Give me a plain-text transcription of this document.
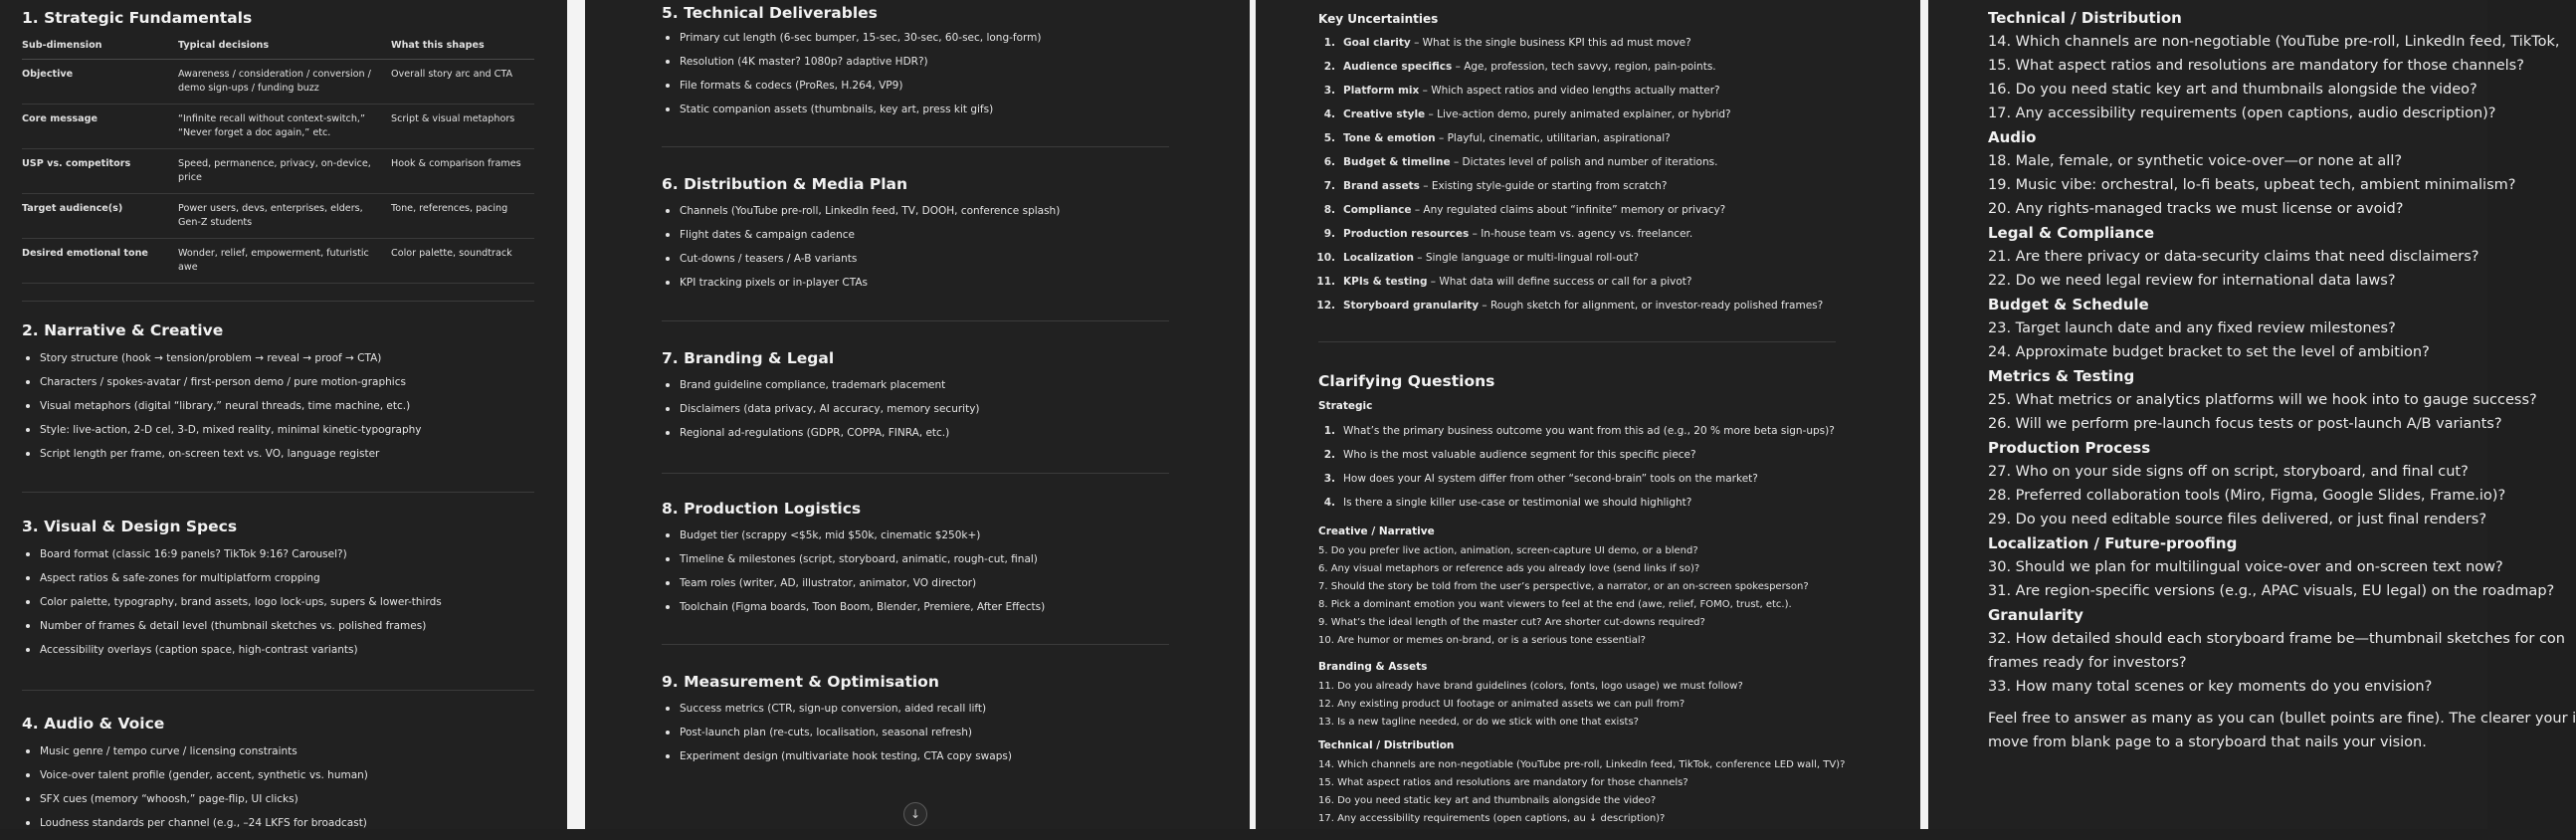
1. Strategic Fundamentals
Sub-dimension	Typical decisions	What this shapes
Objective	Awareness / consideration / conversion / demo sign-ups / funding buzz	Overall story arc and CTA
Core message	“Infinite recall without context-switch,” “Never forget a doc again,” etc.	Script & visual metaphors
USP vs. competitors	Speed, permanence, privacy, on-device, price	Hook & comparison frames
Target audience(s)	Power users, devs, enterprises, elders, Gen-Z students	Tone, references, pacing
Desired emotional tone	Wonder, relief, empowerment, futuristic awe	Color palette, soundtrack
2. Narrative & Creative
Story structure (hook → tension/problem → reveal → proof → CTA)
Characters / spokes-avatar / first-person demo / pure motion-graphics
Visual metaphors (digital “library,” neural threads, time machine, etc.)
Style: live-action, 2-D cel, 3-D, mixed reality, minimal kinetic-typography
Script length per frame, on-screen text vs. VO, language register
3. Visual & Design Specs
Board format (classic 16:9 panels? TikTok 9:16? Carousel?)
Aspect ratios & safe-zones for multiplatform cropping
Color palette, typography, brand assets, logo lock-ups, supers & lower-thirds
Number of frames & detail level (thumbnail sketches vs. polished frames)
Accessibility overlays (caption space, high-contrast variants)
4. Audio & Voice
Music genre / tempo curve / licensing constraints
Voice-over talent profile (gender, accent, synthetic vs. human)
SFX cues (memory “whoosh,” page-flip, UI clicks)
Loudness standards per channel (e.g., –24 LKFS for broadcast)
5. Technical Deliverables
Primary cut length (6-sec bumper, 15-sec, 30-sec, 60-sec, long-form)
Resolution (4K master? 1080p? adaptive HDR?)
File formats & codecs (ProRes, H.264, VP9)
Static companion assets (thumbnails, key art, press kit gifs)
6. Distribution & Media Plan
Channels (YouTube pre-roll, LinkedIn feed, TV, DOOH, conference splash)
Flight dates & campaign cadence
Cut-downs / teasers / A-B variants
KPI tracking pixels or in-player CTAs
7. Branding & Legal
Brand guideline compliance, trademark placement
Disclaimers (data privacy, AI accuracy, memory security)
Regional ad-regulations (GDPR, COPPA, FINRA, etc.)
8. Production Logistics
Budget tier (scrappy <$5k, mid $50k, cinematic $250k+)
Timeline & milestones (script, storyboard, animatic, rough-cut, final)
Team roles (writer, AD, illustrator, animator, VO director)
Toolchain (Figma boards, Toon Boom, Blender, Premiere, After Effects)
9. Measurement & Optimisation
Success metrics (CTR, sign-up conversion, aided recall lift)
Post-launch plan (re-cuts, localisation, seasonal refresh)
Experiment design (multivariate hook testing, CTA copy swaps)
↓
Key Uncertainties
1. Goal clarity – What is the single business KPI this ad must move?
2. Audience specifics – Age, profession, tech savvy, region, pain-points.
3. Platform mix – Which aspect ratios and video lengths actually matter?
4. Creative style – Live-action demo, purely animated explainer, or hybrid?
5. Tone & emotion – Playful, cinematic, utilitarian, aspirational?
6. Budget & timeline – Dictates level of polish and number of iterations.
7. Brand assets – Existing style-guide or starting from scratch?
8. Compliance – Any regulated claims about “infinite” memory or privacy?
9. Production resources – In-house team vs. agency vs. freelancer.
10. Localization – Single language or multi-lingual roll-out?
11. KPIs & testing – What data will define success or call for a pivot?
12. Storyboard granularity – Rough sketch for alignment, or investor-ready polished frames?
Clarifying Questions
Strategic
1. What’s the primary business outcome you want from this ad (e.g., 20 % more beta sign-ups)?
2. Who is the most valuable audience segment for this specific piece?
3. How does your AI system differ from other “second-brain” tools on the market?
4. Is there a single killer use-case or testimonial we should highlight?
Creative / Narrative
5. Do you prefer live action, animation, screen-capture UI demo, or a blend?
6. Any visual metaphors or reference ads you already love (send links if so)?
7. Should the story be told from the user’s perspective, a narrator, or an on-screen spokesperson?
8. Pick a dominant emotion you want viewers to feel at the end (awe, relief, FOMO, trust, etc.).
9. What’s the ideal length of the master cut? Are shorter cut-downs required?
10. Are humor or memes on-brand, or is a serious tone essential?
Branding & Assets
11. Do you already have brand guidelines (colors, fonts, logo usage) we must follow?
12. Any existing product UI footage or animated assets we can pull from?
13. Is a new tagline needed, or do we stick with one that exists?
Technical / Distribution
14. Which channels are non-negotiable (YouTube pre-roll, LinkedIn feed, TikTok, conference LED wall, TV)?
15. What aspect ratios and resolutions are mandatory for those channels?
16. Do you need static key art and thumbnails alongside the video?
17. Any accessibility requirements (open captions, au ↓ description)?
Technical / Distribution
14. Which channels are non-negotiable (YouTube pre-roll, LinkedIn feed, TikTok,
15. What aspect ratios and resolutions are mandatory for those channels?
16. Do you need static key art and thumbnails alongside the video?
17. Any accessibility requirements (open captions, audio description)?
Audio
18. Male, female, or synthetic voice-over—or none at all?
19. Music vibe: orchestral, lo-fi beats, upbeat tech, ambient minimalism?
20. Any rights-managed tracks we must license or avoid?
Legal & Compliance
21. Are there privacy or data-security claims that need disclaimers?
22. Do we need legal review for international data laws?
Budget & Schedule
23. Target launch date and any fixed review milestones?
24. Approximate budget bracket to set the level of ambition?
Metrics & Testing
25. What metrics or analytics platforms will we hook into to gauge success?
26. Will we perform pre-launch focus tests or post-launch A/B variants?
Production Process
27. Who on your side signs off on script, storyboard, and final cut?
28. Preferred collaboration tools (Miro, Figma, Google Slides, Frame.io)?
29. Do you need editable source files delivered, or just final renders?
Localization / Future-proofing
30. Should we plan for multilingual voice-over and on-screen text now?
31. Are region-specific versions (e.g., APAC visuals, EU legal) on the roadmap?
Granularity
32. How detailed should each storyboard frame be—thumbnail sketches for con
frames ready for investors?
33. How many total scenes or key moments do you envision?
Feel free to answer as many as you can (bullet points are fine). The clearer your i
move from blank page to a storyboard that nails your vision.
